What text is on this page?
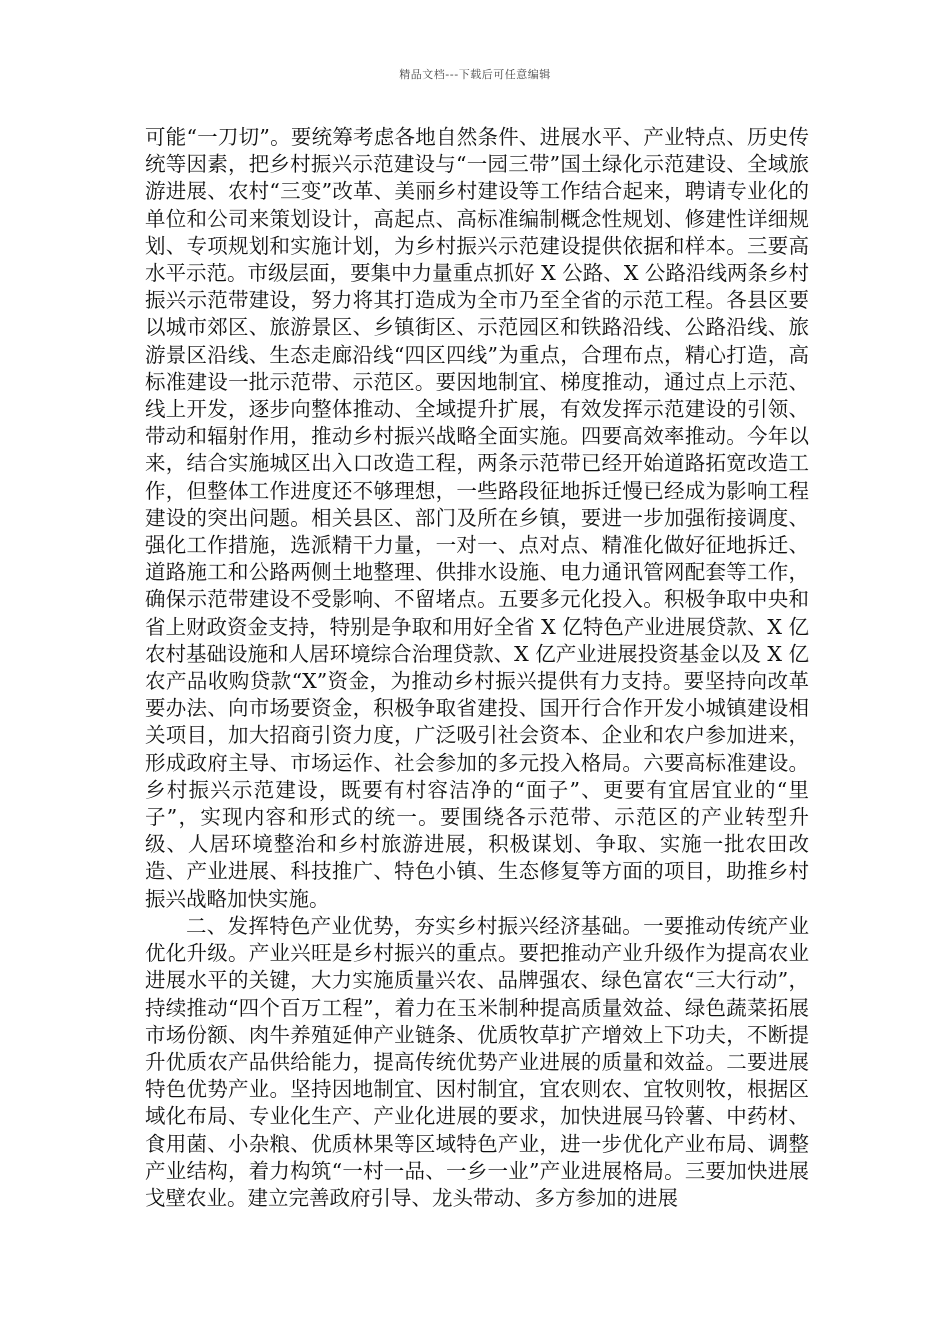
精品文档---下载后可任意编辑

可能“一刀切”。要统筹考虑各地自然条件、进展水平、产业特点、历史传统等因素，把乡村振兴示范建设与“一园三带”国土绿化示范建设、全域旅游进展、农村“三变”改革、美丽乡村建设等工作结合起来，聘请专业化的单位和公司来策划设计，高起点、高标准编制概念性规划、修建性详细规划、专项规划和实施计划，为乡村振兴示范建设提供依据和样本。三要高水平示范。市级层面，要集中力量重点抓好 X 公路、X 公路沿线两条乡村振兴示范带建设，努力将其打造成为全市乃至全省的示范工程。各县区要以城市郊区、旅游景区、乡镇街区、示范园区和铁路沿线、公路沿线、旅游景区沿线、生态走廊沿线“四区四线”为重点，合理布点，精心打造，高标准建设一批示范带、示范区。要因地制宜、梯度推动，通过点上示范、线上开发，逐步向整体推动、全域提升扩展，有效发挥示范建设的引领、带动和辐射作用，推动乡村振兴战略全面实施。四要高效率推动。今年以来，结合实施城区出入口改造工程，两条示范带已经开始道路拓宽改造工作，但整体工作进度还不够理想，一些路段征地拆迁慢已经成为影响工程建设的突出问题。相关县区、部门及所在乡镇，要进一步加强衔接调度、强化工作措施，选派精干力量，一对一、点对点、精准化做好征地拆迁、道路施工和公路两侧土地整理、供排水设施、电力通讯管网配套等工作，确保示范带建设不受影响、不留堵点。五要多元化投入。积极争取中央和省上财政资金支持，特别是争取和用好全省 X 亿特色产业进展贷款、X 亿农村基础设施和人居环境综合治理贷款、X 亿产业进展投资基金以及 X 亿农产品收购贷款“X”资金，为推动乡村振兴提供有力支持。要坚持向改革要办法、向市场要资金，积极争取省建投、国开行合作开发小城镇建设相关项目，加大招商引资力度，广泛吸引社会资本、企业和农户参加进来，形成政府主导、市场运作、社会参加的多元投入格局。六要高标准建设。乡村振兴示范建设，既要有村容洁净的“面子”、更要有宜居宜业的“里子”，实现内容和形式的统一。要围绕各示范带、示范区的产业转型升级、人居环境整治和乡村旅游进展，积极谋划、争取、实施一批农田改造、产业进展、科技推广、特色小镇、生态修复等方面的项目，助推乡村振兴战略加快实施。

二、发挥特色产业优势，夯实乡村振兴经济基础。一要推动传统产业优化升级。产业兴旺是乡村振兴的重点。要把推动产业升级作为提高农业进展水平的关键，大力实施质量兴农、品牌强农、绿色富农“三大行动”，持续推动“四个百万工程”，着力在玉米制种提高质量效益、绿色蔬菜拓展市场份额、肉牛养殖延伸产业链条、优质牧草扩产增效上下功夫，不断提升优质农产品供给能力，提高传统优势产业进展的质量和效益。二要进展特色优势产业。坚持因地制宜、因村制宜，宜农则农、宜牧则牧，根据区域化布局、专业化生产、产业化进展的要求，加快进展马铃薯、中药材、食用菌、小杂粮、优质林果等区域特色产业，进一步优化产业布局、调整产业结构，着力构筑“一村一品、一乡一业”产业进展格局。三要加快进展戈壁农业。建立完善政府引导、龙头带动、多方参加的进展
